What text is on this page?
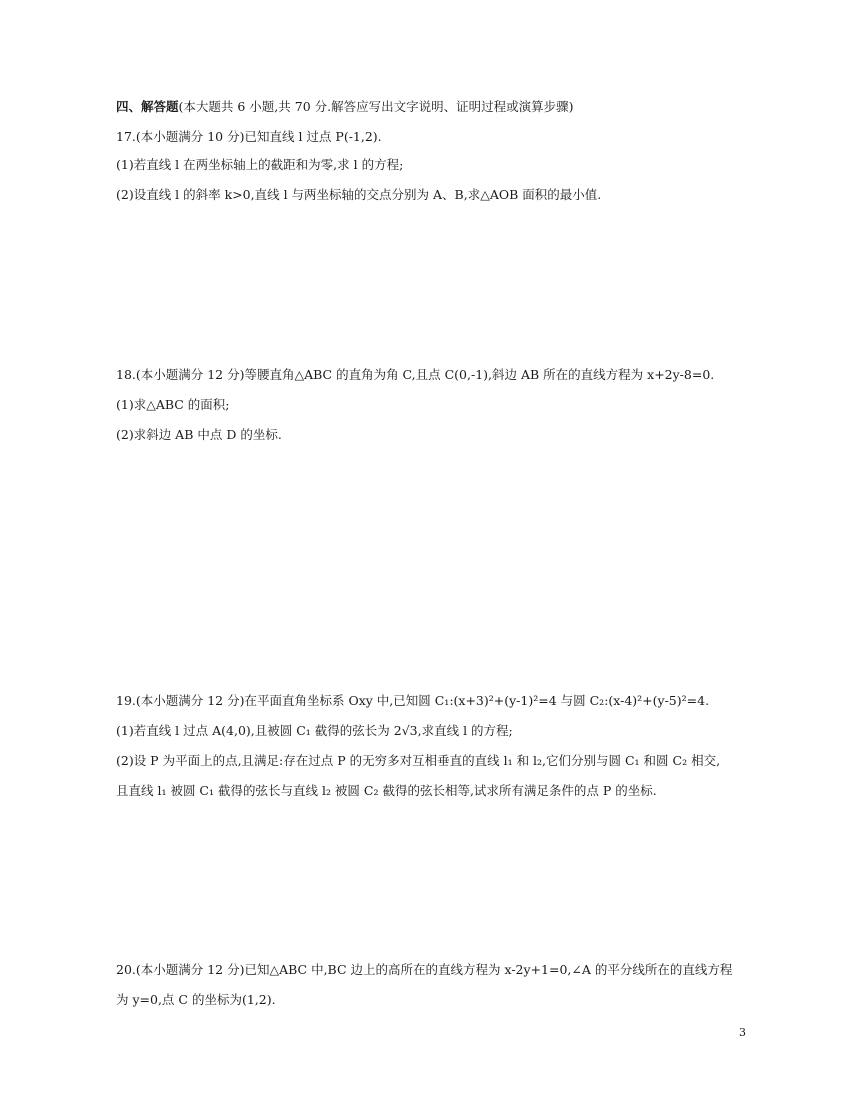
四、解答题(本大题共 6 小题,共 70 分.解答应写出文字说明、证明过程或演算步骤)
17.(本小题满分 10 分)已知直线 l 过点 P(-1,2).
(1)若直线 l 在两坐标轴上的截距和为零,求 l 的方程;
(2)设直线 l 的斜率 k>0,直线 l 与两坐标轴的交点分别为 A、B,求△AOB 面积的最小值.
18.(本小题满分 12 分)等腰直角△ABC 的直角为角 C,且点 C(0,-1),斜边 AB 所在的直线方程为 x+2y-8=0.
(1)求△ABC 的面积;
(2)求斜边 AB 中点 D 的坐标.
19.(本小题满分 12 分)在平面直角坐标系 Oxy 中,已知圆 C₁:(x+3)²+(y-1)²=4 与圆 C₂:(x-4)²+(y-5)²=4.
(1)若直线 l 过点 A(4,0),且被圆 C₁ 截得的弦长为 2√3,求直线 l 的方程;
(2)设 P 为平面上的点,且满足:存在过点 P 的无穷多对互相垂直的直线 l₁ 和 l₂,它们分别与圆 C₁ 和圆 C₂ 相交,
且直线 l₁ 被圆 C₁ 截得的弦长与直线 l₂ 被圆 C₂ 截得的弦长相等,试求所有满足条件的点 P 的坐标.
20.(本小题满分 12 分)已知△ABC 中,BC 边上的高所在的直线方程为 x-2y+1=0,∠A 的平分线所在的直线方程
为 y=0,点 C 的坐标为(1,2).
3
